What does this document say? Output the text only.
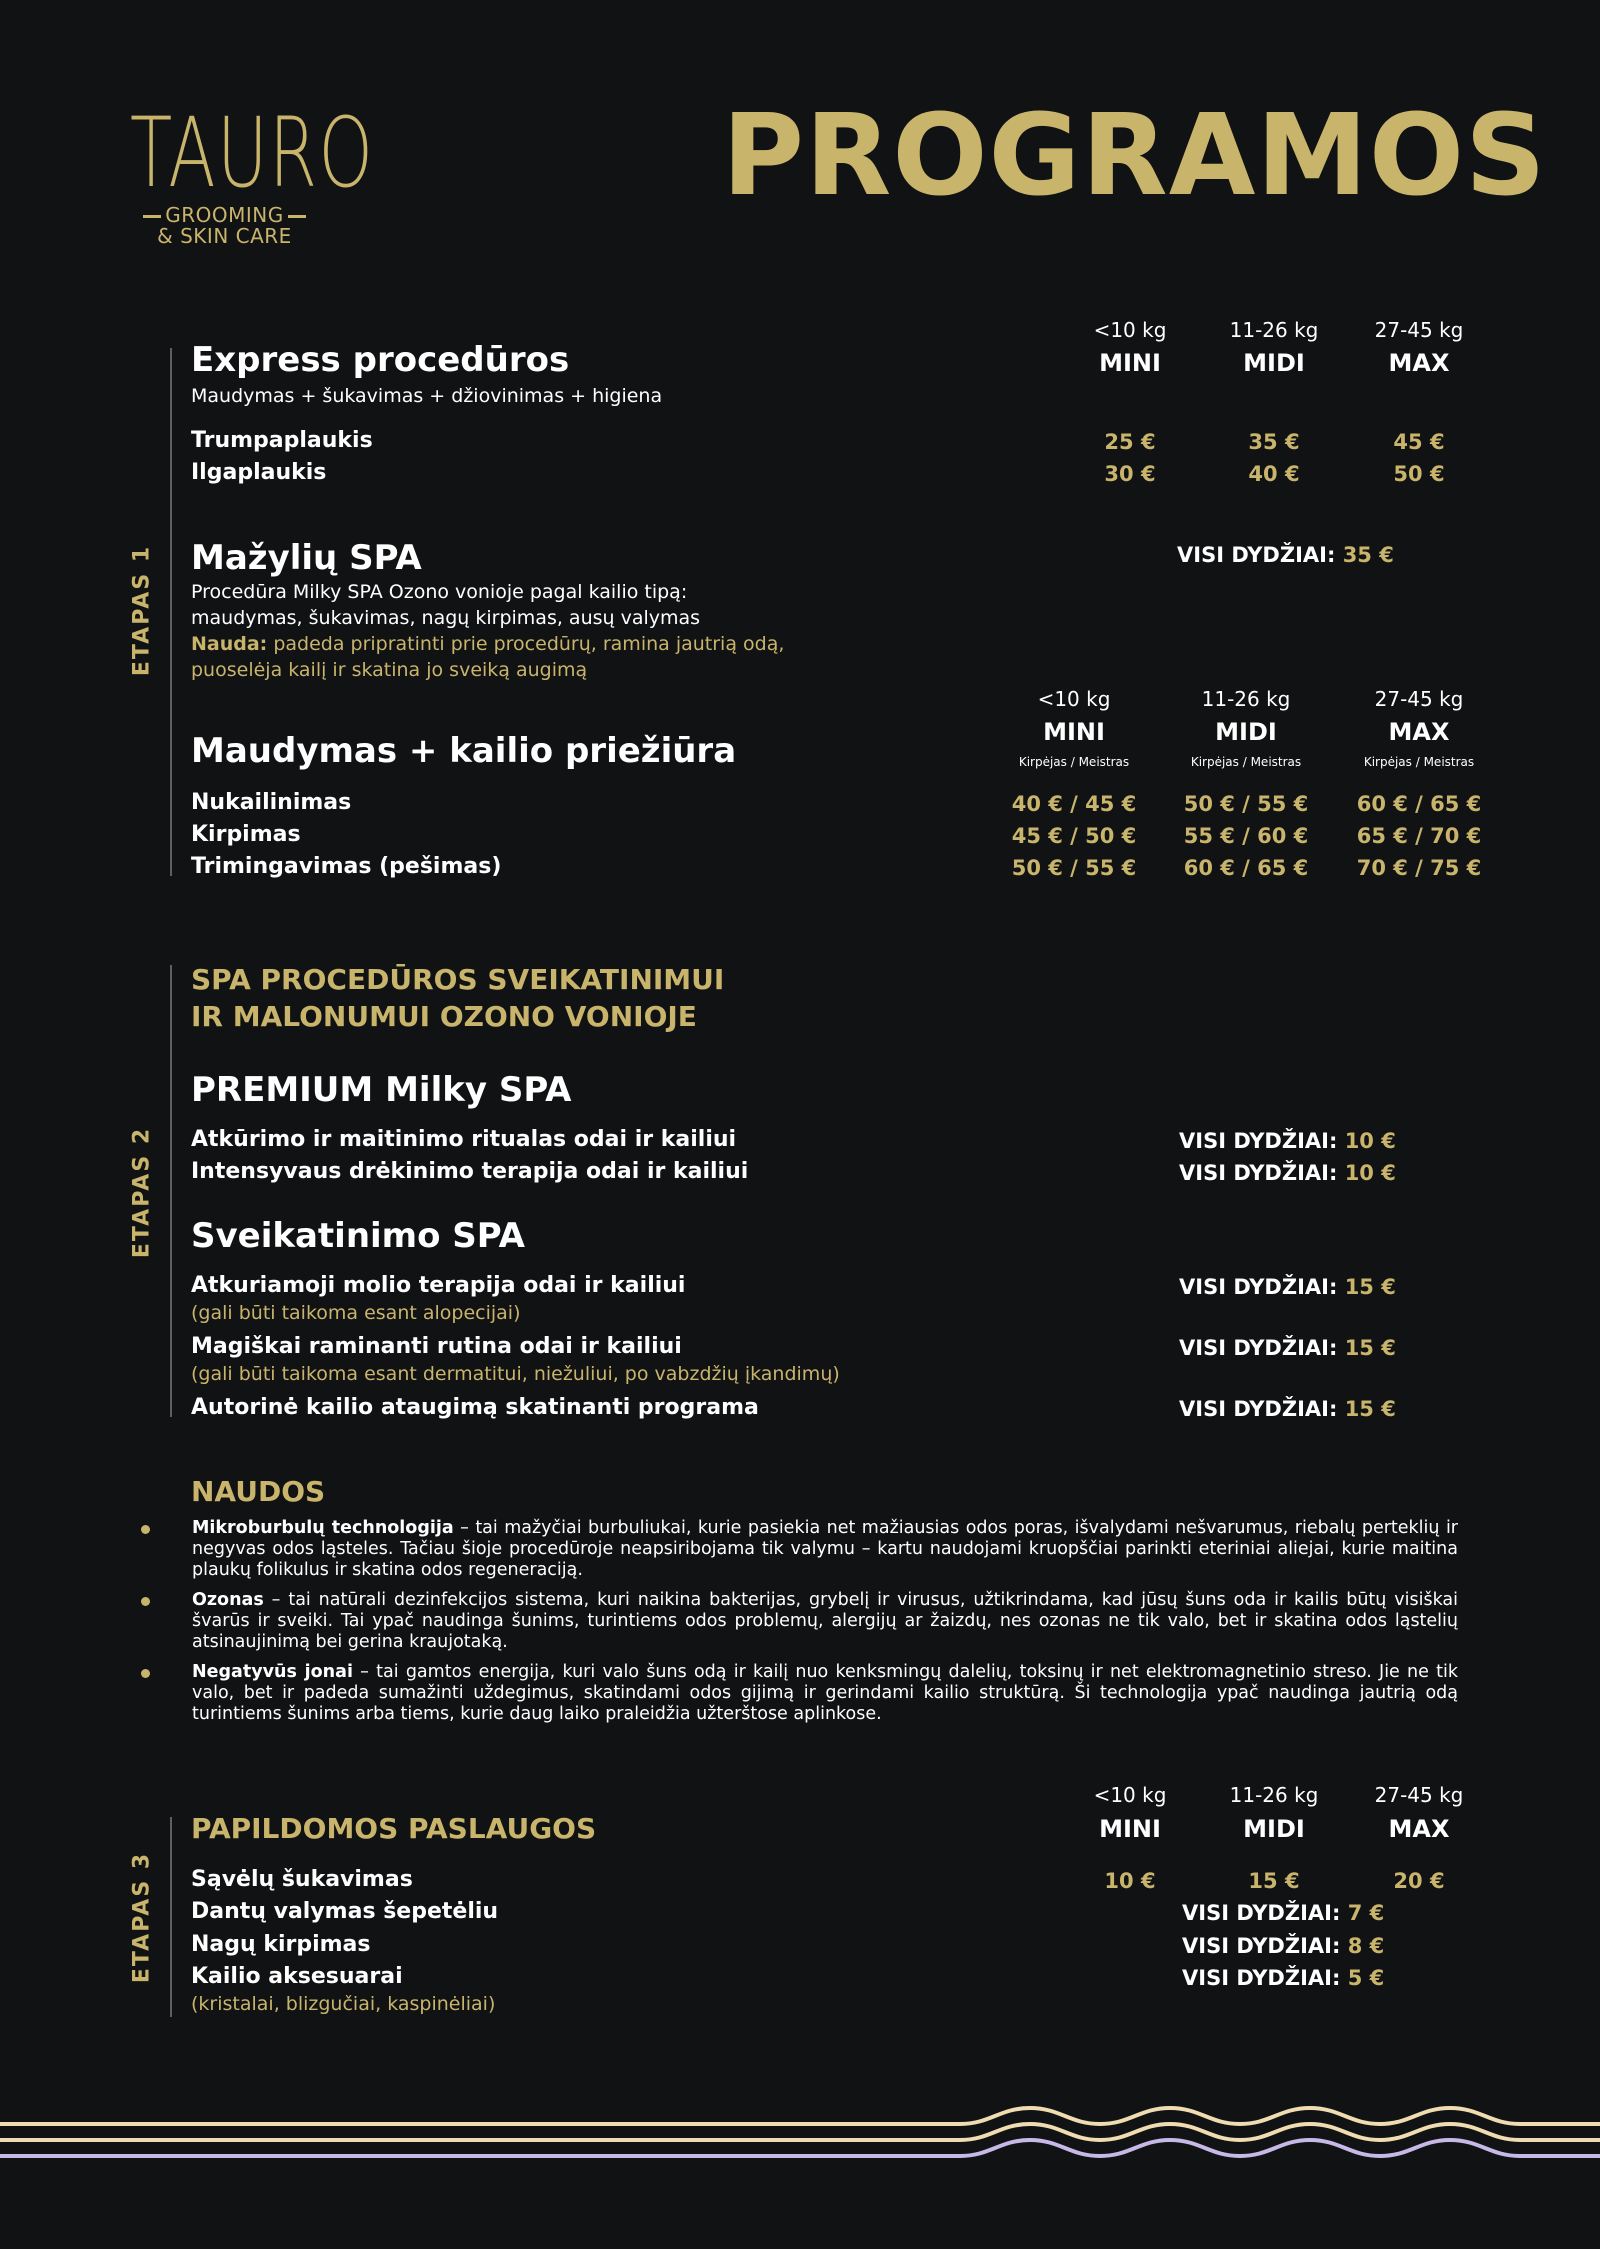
TAURO
GROOMING
& SKIN CARE
PROGRAMOS
ETAPAS 1
<10 kg	11-26 kg	27-45 kg
MINI	MIDI	MAX
Express procedūros
Maudymas + šukavimas + džiovinimas + higiena
Trumpaplaukis	25 €	35 €	45 €
Ilgaplaukis	30 €	40 €	50 €
Mažylių SPA	VISI DYDŽIAI: 35 €
Procedūra Milky SPA Ozono vonioje pagal kailio tipą:
maudymas, šukavimas, nagų kirpimas, ausų valymas
Nauda: padeda pripratinti prie procedūrų, ramina jautrią odą,
puoselėja kailį ir skatina jo sveiką augimą
<10 kg	11-26 kg	27-45 kg
MINI	MIDI	MAX
Kirpėjas / Meistras	Kirpėjas / Meistras	Kirpėjas / Meistras
Maudymas + kailio priežiūra
Nukailinimas	40 € / 45 €	50 € / 55 €	60 € / 65 €
Kirpimas	45 € / 50 €	55 € / 60 €	65 € / 70 €
Trimingavimas (pešimas)	50 € / 55 €	60 € / 65 €	70 € / 75 €
ETAPAS 2
SPA PROCEDŪROS SVEIKATINIMUI
IR MALONUMUI OZONO VONIOJE
PREMIUM Milky SPA
Atkūrimo ir maitinimo ritualas odai ir kailiui	VISI DYDŽIAI: 10 €
Intensyvaus drėkinimo terapija odai ir kailiui	VISI DYDŽIAI: 10 €
Sveikatinimo SPA
Atkuriamoji molio terapija odai ir kailiui
(gali būti taikoma esant alopecijai)
VISI DYDŽIAI: 15 €
Magiškai raminanti rutina odai ir kailiui
(gali būti taikoma esant dermatitui, niežuliui, po vabzdžių įkandimų)
VISI DYDŽIAI: 15 €
Autorinė kailio ataugimą skatinanti programa	VISI DYDŽIAI: 15 €
NAUDOS
Mikroburbulų technologija – tai mažyčiai burbuliukai, kurie pasiekia net mažiausias odos poras, išvalydami nešvarumus, riebalų perteklių ir negyvas odos ląsteles. Tačiau šioje procedūroje neapsiribojama tik valymu – kartu naudojami kruopščiai parinkti eteriniai aliejai, kurie maitina plaukų folikulus ir skatina odos regeneraciją.
Ozonas – tai natūrali dezinfekcijos sistema, kuri naikina bakterijas, grybelį ir virusus, užtikrindama, kad jūsų šuns oda ir kailis būtų visiškai švarūs ir sveiki. Tai ypač naudinga šunims, turintiems odos problemų, alergijų ar žaizdų, nes ozonas ne tik valo, bet ir skatina odos ląstelių atsinaujinimą bei gerina kraujotaką.
Negatyvūs jonai – tai gamtos energija, kuri valo šuns odą ir kailį nuo kenksmingų dalelių, toksinų ir net elektromagnetinio streso. Jie ne tik valo, bet ir padeda sumažinti uždegimus, skatindami odos gijimą ir gerindami kailio struktūrą. Ši technologija ypač naudinga jautrią odą turintiems šunims arba tiems, kurie daug laiko praleidžia užterštose aplinkose.
ETAPAS 3
<10 kg	11-26 kg	27-45 kg
MINI	MIDI	MAX
PAPILDOMOS PASLAUGOS
Sąvėlų šukavimas	10 €	15 €	20 €
Dantų valymas šepetėliu	VISI DYDŽIAI: 7 €
Nagų kirpimas	VISI DYDŽIAI: 8 €
Kailio aksesuarai	VISI DYDŽIAI: 5 €
(kristalai, blizgučiai, kaspinėliai)
